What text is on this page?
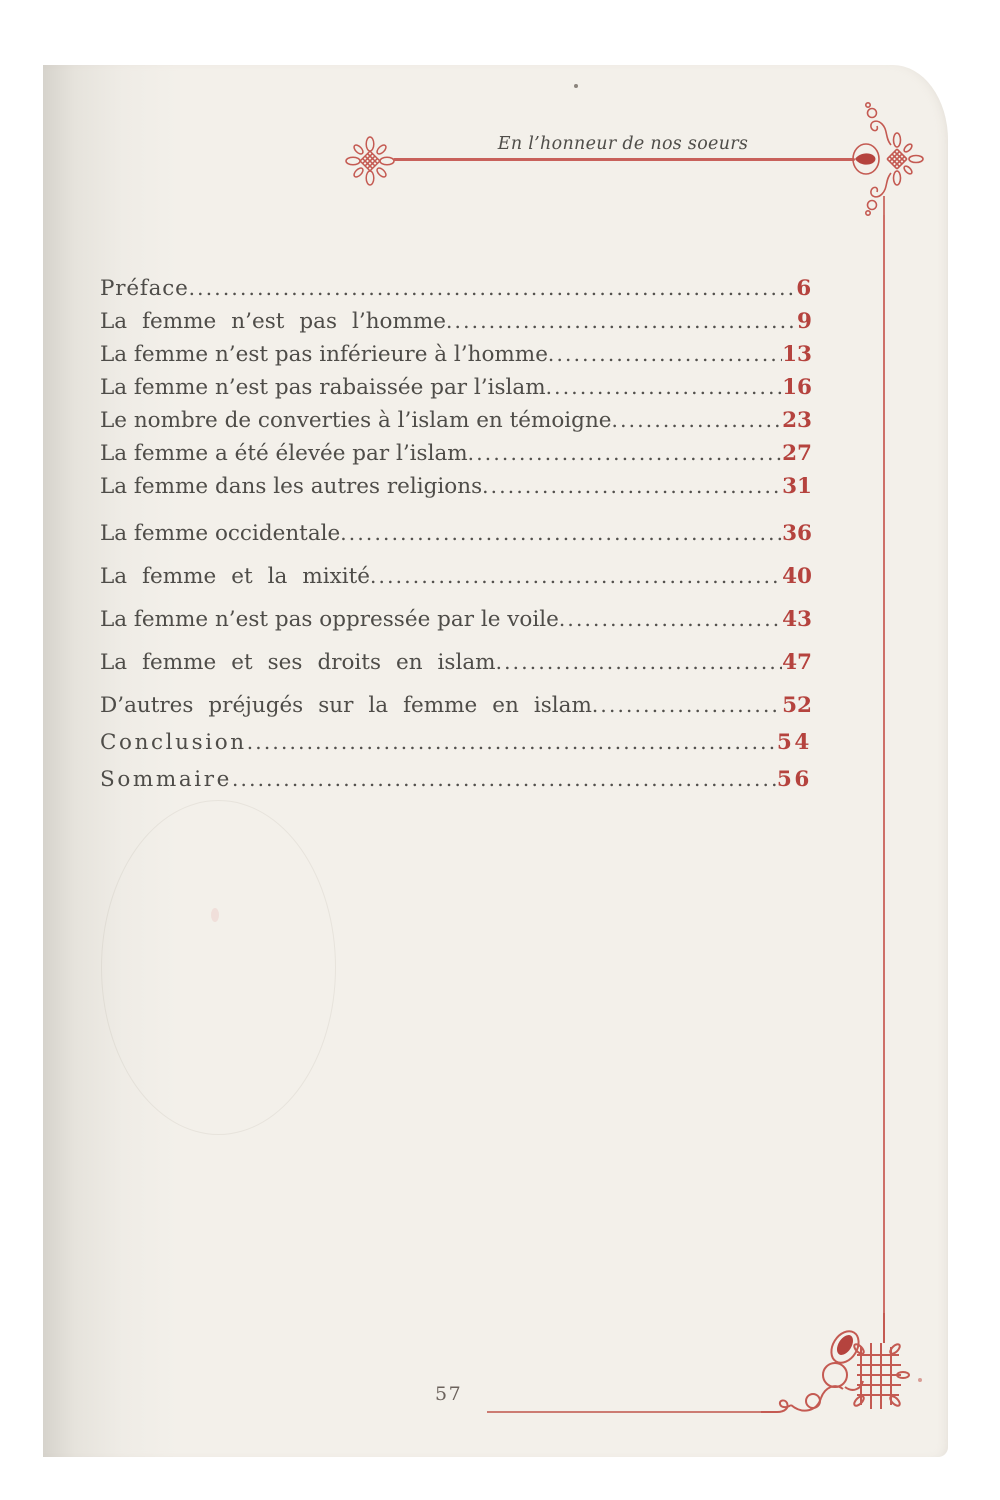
En l’honneur de nos soeurs
Préface .....	6
La femme n’est pas l’homme .....	9
La femme n’est pas inférieure à l’homme .....	13
La femme n’est pas rabaissée par l’islam .....	16
Le nombre de converties à l’islam en témoigne .....	23
La femme a été élevée par l’islam .....	27
La femme dans les autres religions .....	31
La femme occidentale .....	36
La femme et la mixité .....	40
La femme n’est pas oppressée par le voile .....	43
La femme et ses droits en islam .....	47
D’autres préjugés sur la femme en islam .....	52
Conclusion .....	54
Sommaire .....	56
57
